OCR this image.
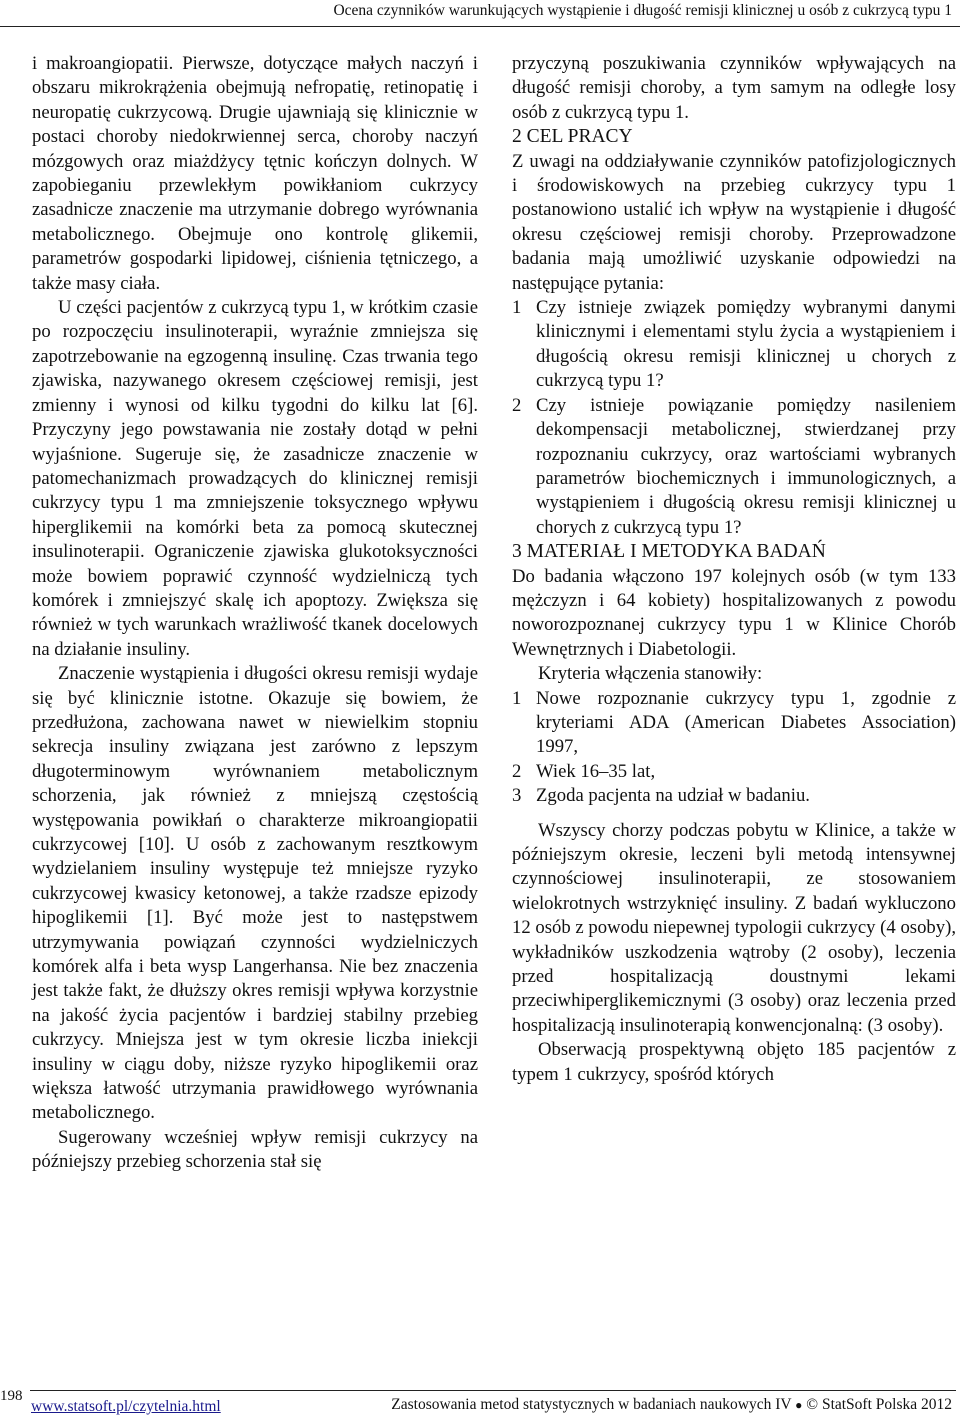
Ocena czynników warunkujących wystąpienie i długość remisji klinicznej u osób z cukrzycą typu 1

i makroangiopatii. Pierwsze, dotyczące małych naczyń i obszaru mikrokrążenia obejmują nefropatię, retinopatię i neuropatię cukrzycową. Drugie ujawniają się klinicznie w postaci choroby niedokrwiennej serca, choroby naczyń mózgowych oraz miażdżycy tętnic kończyn dolnych. W zapobieganiu przewlekłym powikłaniom cukrzycy zasadnicze znaczenie ma utrzymanie dobrego wyrównania metabolicznego. Obejmuje ono kontrolę glikemii, parametrów gospodarki lipidowej, ciśnienia tętniczego, a także masy ciała.

U części pacjentów z cukrzycą typu 1, w krótkim czasie po rozpoczęciu insulinoterapii, wyraźnie zmniejsza się zapotrzebowanie na egzogenną insulinę. Czas trwania tego zjawiska, nazywanego okresem częściowej remisji, jest zmienny i wynosi od kilku tygodni do kilku lat [6]. Przyczyny jego powstawania nie zostały dotąd w pełni wyjaśnione. Sugeruje się, że zasadnicze znaczenie w patomechanizmach prowadzących do klinicznej remisji cukrzycy typu 1 ma zmniejszenie toksycznego wpływu hiperglikemii na komórki beta za pomocą skutecznej insulinoterapii. Ograniczenie zjawiska glukotoksyczności może bowiem poprawić czynność wydzielniczą tych komórek i zmniejszyć skalę ich apoptozy. Zwiększa się również w tych warunkach wrażliwość tkanek docelowych na działanie insuliny.

Znaczenie wystąpienia i długości okresu remisji wydaje się być klinicznie istotne. Okazuje się bowiem, że przedłużona, zachowana nawet w niewielkim stopniu sekrecja insuliny związana jest zarówno z lepszym długoterminowym wyrównaniem metabolicznym schorzenia, jak również z mniejszą częstością występowania powikłań o charakterze mikroangiopatii cukrzycowej [10]. U osób z zachowanym resztkowym wydzielaniem insuliny występuje też mniejsze ryzyko cukrzycowej kwasicy ketonowej, a także rzadsze epizody hipoglikemii [1]. Być może jest to następstwem utrzymywania powiązań czynności wydzielniczych komórek alfa i beta wysp Langerhansa. Nie bez znaczenia jest także fakt, że dłuższy okres remisji wpływa korzystnie na jakość życia pacjentów i bardziej stabilny przebieg cukrzycy. Mniejsza jest w tym okresie liczba iniekcji insuliny w ciągu doby, niższe ryzyko hipoglikemii oraz większa łatwość utrzymania prawidłowego wyrównania metabolicznego.

Sugerowany wcześniej wpływ remisji cukrzycy na późniejszy przebieg schorzenia stał się

przyczyną poszukiwania czynników wpływających na długość remisji choroby, a tym samym na odległe losy osób z cukrzycą typu 1.

2 CEL PRACY

Z uwagi na oddziaływanie czynników patofizjologicznych i środowiskowych na przebieg cukrzycy typu 1 postanowiono ustalić ich wpływ na wystąpienie i długość okresu częściowej remisji choroby. Przeprowadzone badania mają umożliwić uzyskanie odpowiedzi na następujące pytania:

1 Czy istnieje związek pomiędzy wybranymi danymi klinicznymi i elementami stylu życia a wystąpieniem i długością okresu remisji klinicznej u chorych z cukrzycą typu 1?
2 Czy istnieje powiązanie pomiędzy nasileniem dekompensacji metabolicznej, stwierdzanej przy rozpoznaniu cukrzycy, oraz wartościami wybranych parametrów biochemicznych i immunologicznych, a wystąpieniem i długością okresu remisji klinicznej u chorych z cukrzycą typu 1?

3 MATERIAŁ I METODYKA BADAŃ

Do badania włączono 197 kolejnych osób (w tym 133 mężczyzn i 64 kobiety) hospitalizowanych z powodu noworozpoznanej cukrzycy typu 1 w Klinice Chorób Wewnętrznych i Diabetologii.

Kryteria włączenia stanowiły:

1 Nowe rozpoznanie cukrzycy typu 1, zgodnie z kryteriami ADA (American Diabetes Association) 1997,
2 Wiek 16–35 lat,
3 Zgoda pacjenta na udział w badaniu.

Wszyscy chorzy podczas pobytu w Klinice, a także w późniejszym okresie, leczeni byli metodą intensywnej czynnościowej insulinoterapii, ze stosowaniem wielokrotnych wstrzyknięć insuliny. Z badań wykluczono 12 osób z powodu niepewnej typologii cukrzycy (4 osoby), wykładników uszkodzenia wątroby (2 osoby), leczenia przed hospitalizacją doustnymi lekami przeciwhiperglikemicznymi (3 osoby) oraz leczenia przed hospitalizacją insulinoterapią konwencjonalną: (3 osoby).

Obserwacją prospektywną objęto 185 pacjentów z typem 1 cukrzycy, spośród których

198
www.statsoft.pl/czytelnia.html	Zastosowania metod statystycznych w badaniach naukowych IV ● © StatSoft Polska 2012
